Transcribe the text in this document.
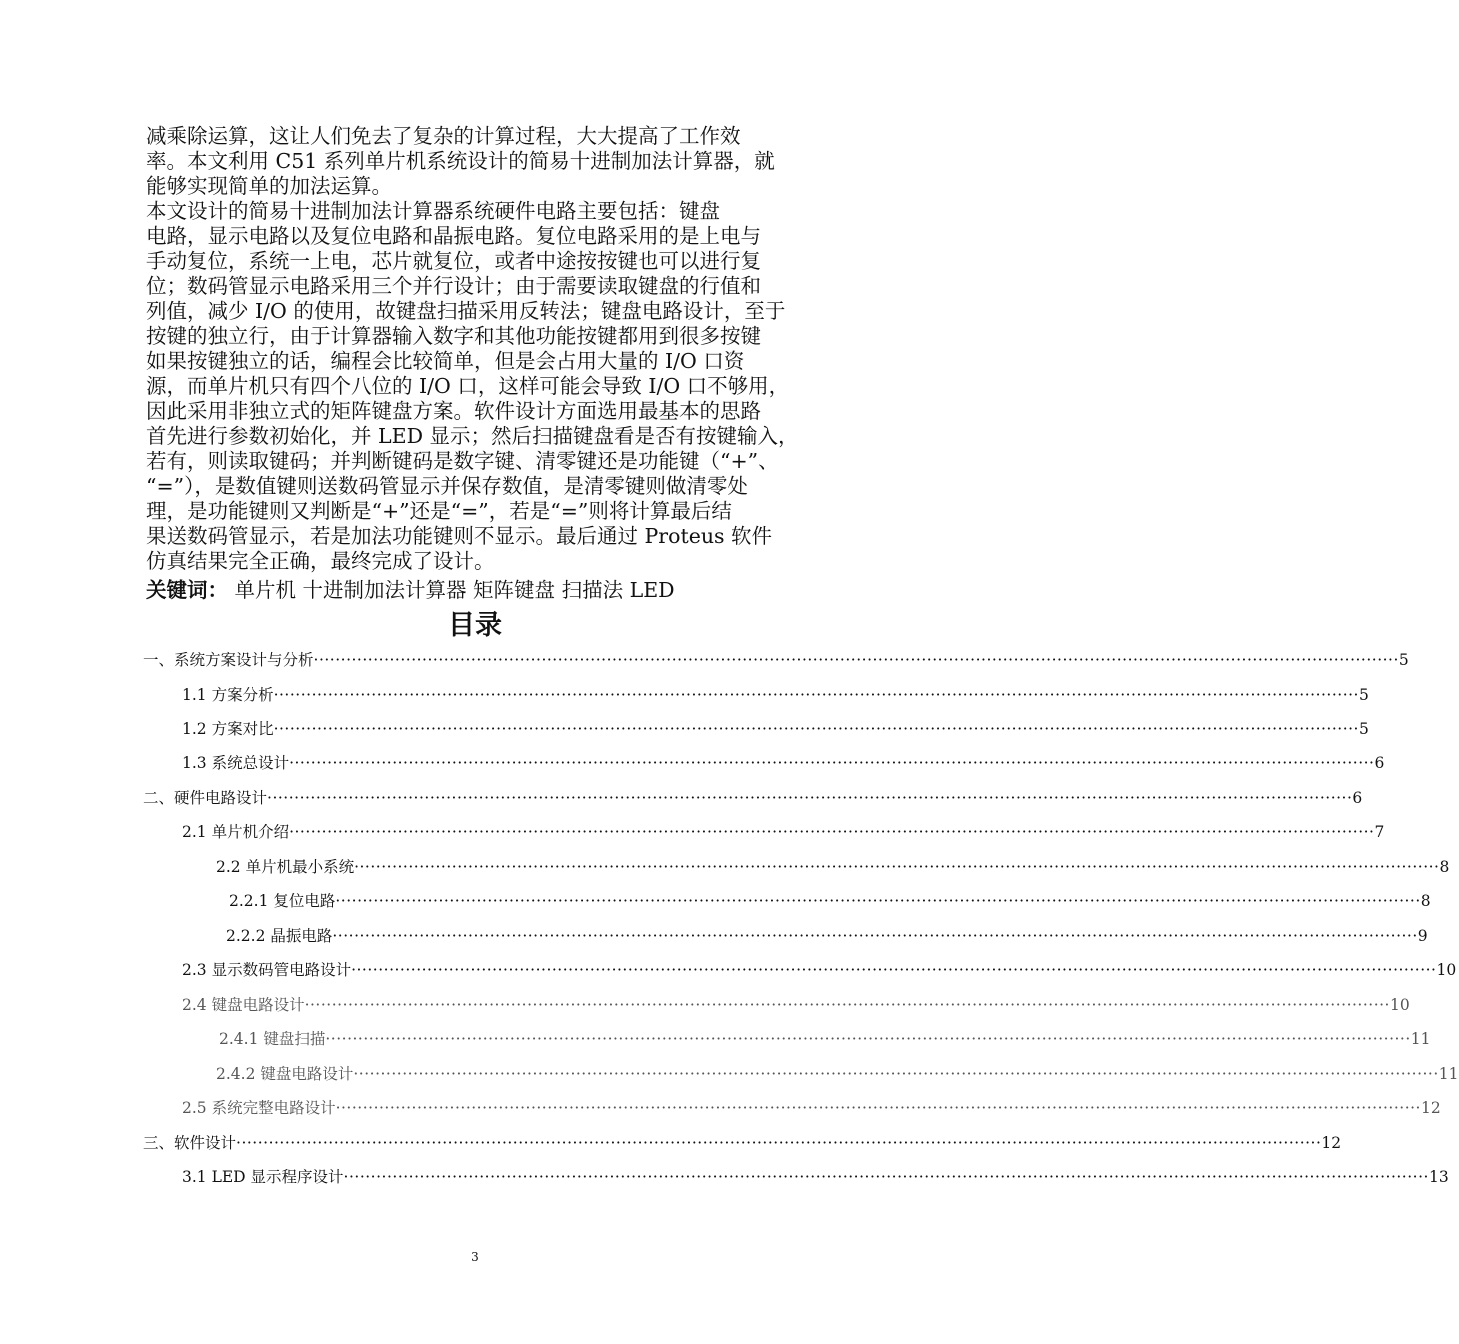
减乘除运算，这让人们免去了复杂的计算过程，大大提高了工作效
率。本文利用 C51 系列单片机系统设计的简易十进制加法计算器，就
能够实现简单的加法运算。
本文设计的简易十进制加法计算器系统硬件电路主要包括：键盘
电路，显示电路以及复位电路和晶振电路。复位电路采用的是上电与
手动复位，系统一上电，芯片就复位，或者中途按按键也可以进行复
位；数码管显示电路采用三个并行设计；由于需要读取键盘的行值和
列值，减少 I/O 的使用，故键盘扫描采用反转法；键盘电路设计，至于
按键的独立行，由于计算器输入数字和其他功能按键都用到很多按键
如果按键独立的话，编程会比较简单，但是会占用大量的 I/O 口资
源，而单片机只有四个八位的 I/O 口，这样可能会导致 I/O 口不够用，
因此采用非独立式的矩阵键盘方案。软件设计方面选用最基本的思路
首先进行参数初始化，并 LED 显示；然后扫描键盘看是否有按键输入，
若有，则读取键码；并判断键码是数字键、清零键还是功能键（“+”、
“=”），是数值键则送数码管显示并保存数值，是清零键则做清零处
理，是功能键则又判断是“+”还是“=”，若是“=”则将计算最后结
果送数码管显示，若是加法功能键则不显示。最后通过 Proteus 软件
仿真结果完全正确，最终完成了设计。
关键词： 单片机 十进制加法计算器 矩阵键盘 扫描法 LED
目录
一、系统方案设计与分析 ········································································································································································································ 5
1.1 方案分析 ········································································································································································································ 5
1.2 方案对比 ········································································································································································································ 5
1.3 系统总设计 ········································································································································································································ 6
二、硬件电路设计 ········································································································································································································ 6
2.1 单片机介绍 ········································································································································································································ 7
2.2 单片机最小系统 ········································································································································································································ 8
2.2.1 复位电路 ········································································································································································································ 8
2.2.2 晶振电路 ········································································································································································································ 9
2.3 显示数码管电路设计 ········································································································································································································ 10
2.4 键盘电路设计 ········································································································································································································ 10
2.4.1 键盘扫描 ········································································································································································································ 11
2.4.2 键盘电路设计 ········································································································································································································ 11
2.5 系统完整电路设计 ········································································································································································································ 12
三、软件设计 ········································································································································································································ 12
3.1 LED 显示程序设计 ········································································································································································································ 13
3
